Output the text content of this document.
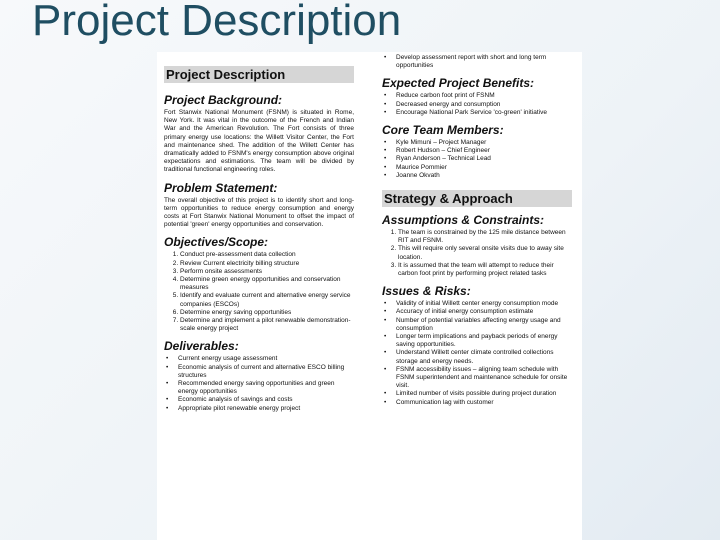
Project Description
Project Description
Project Background:

Fort Stanwix National Monument (FSNM) is situated in Rome, New York. It was vital in the outcome of the French and Indian War and the American Revolution. The Fort consists of three primary energy use locations: the Willett Visitor Center, the Fort and maintenance shed. The addition of the Willett Center has dramatically added to FSNM's energy consumption above original expectations and estimations. The team will be divided by traditional functional engineering roles.

Problem Statement:

The overall objective of this project is to identify short and long-term opportunities to reduce energy consumption and energy costs at Fort Stanwix National Monument to offset the impact of potential 'green' energy opportunities and conservation.

Objectives/Scope:
1. Conduct pre-assessment data collection
2. Review Current electricity billing structure
3. Perform onsite assessments
4. Determine green energy opportunities and conservation measures
5. Identify and evaluate current and alternative energy service companies (ESCOs)
6. Determine energy saving opportunities
7. Determine and implement a pilot renewable demonstration-scale energy project
Deliverables:
• Current energy usage assessment
• Economic analysis of current and alternative ESCO billing structures
• Recommended energy saving opportunities and green energy opportunities
• Economic analysis of savings and costs
• Appropriate pilot renewable energy project
• Develop assessment report with short and long term opportunities
Expected Project Benefits:
• Reduce carbon foot print of FSNM
• Decreased energy and consumption
• Encourage National Park Service 'co-green' initiative
Core Team Members:
• Kyle Mimuni – Project Manager
• Robert Hudson – Chief Engineer
• Ryan Anderson – Technical Lead
• Maurice Pommier
• Joanne Okvath
Strategy & Approach
Assumptions & Constraints:
1. The team is constrained by the 125 mile distance between RIT and FSNM.
2. This will require only several onsite visits due to away site location.
3. It is assumed that the team will attempt to reduce their carbon foot print by performing project related tasks
Issues & Risks:
• Validity of initial Willett center energy consumption mode
• Accuracy of initial energy consumption estimate
• Number of potential variables affecting energy usage and consumption
• Longer term implications and payback periods of energy saving opportunities.
• Understand Willett center climate controlled collections storage and energy needs.
• FSNM accessibility issues – aligning team schedule with FSNM superintendent and maintenance schedule for onsite visit.
• Limited number of visits possible during project duration
• Communication lag with customer
